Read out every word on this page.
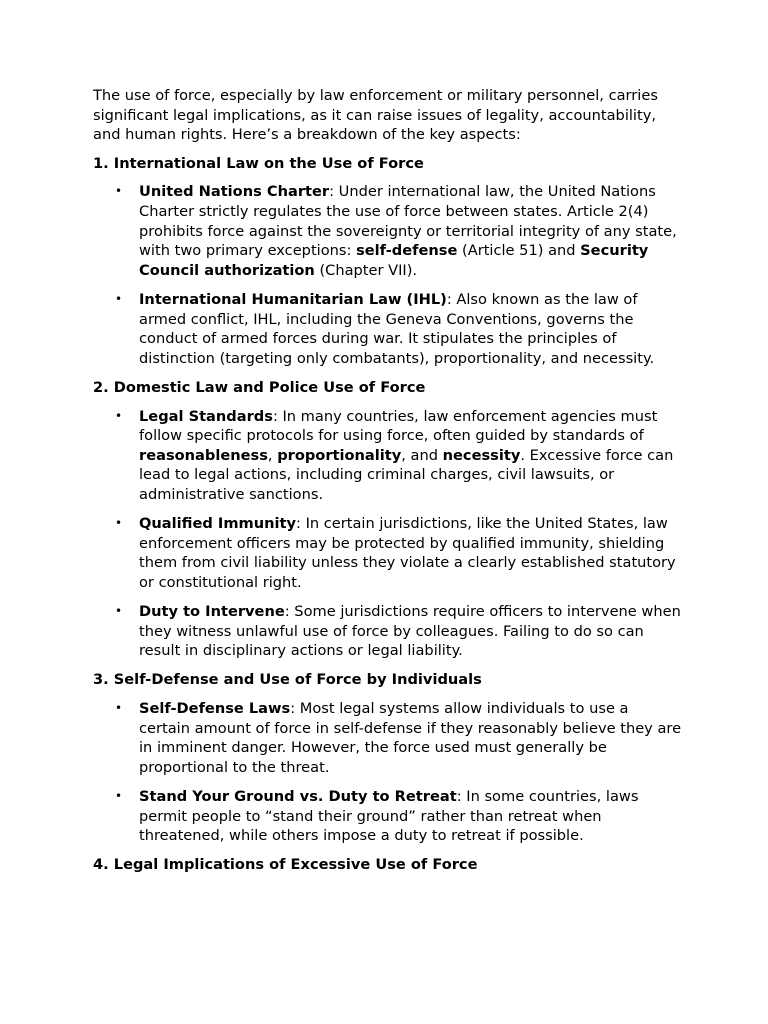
The use of force, especially by law enforcement or military personnel, carries significant legal implications, as it can raise issues of legality, accountability, and human rights. Here’s a breakdown of the key aspects:

1. International Law on the Use of Force

• United Nations Charter: Under international law, the United Nations Charter strictly regulates the use of force between states. Article 2(4) prohibits force against the sovereignty or territorial integrity of any state, with two primary exceptions: self-defense (Article 51) and Security Council authorization (Chapter VII).
• International Humanitarian Law (IHL): Also known as the law of armed conflict, IHL, including the Geneva Conventions, governs the conduct of armed forces during war. It stipulates the principles of distinction (targeting only combatants), proportionality, and necessity.

2. Domestic Law and Police Use of Force

• Legal Standards: In many countries, law enforcement agencies must follow specific protocols for using force, often guided by standards of reasonableness, proportionality, and necessity. Excessive force can lead to legal actions, including criminal charges, civil lawsuits, or administrative sanctions.
• Qualified Immunity: In certain jurisdictions, like the United States, law enforcement officers may be protected by qualified immunity, shielding them from civil liability unless they violate a clearly established statutory or constitutional right.
• Duty to Intervene: Some jurisdictions require officers to intervene when they witness unlawful use of force by colleagues. Failing to do so can result in disciplinary actions or legal liability.

3. Self-Defense and Use of Force by Individuals

• Self-Defense Laws: Most legal systems allow individuals to use a certain amount of force in self-defense if they reasonably believe they are in imminent danger. However, the force used must generally be proportional to the threat.
• Stand Your Ground vs. Duty to Retreat: In some countries, laws permit people to “stand their ground” rather than retreat when threatened, while others impose a duty to retreat if possible.

4. Legal Implications of Excessive Use of Force
